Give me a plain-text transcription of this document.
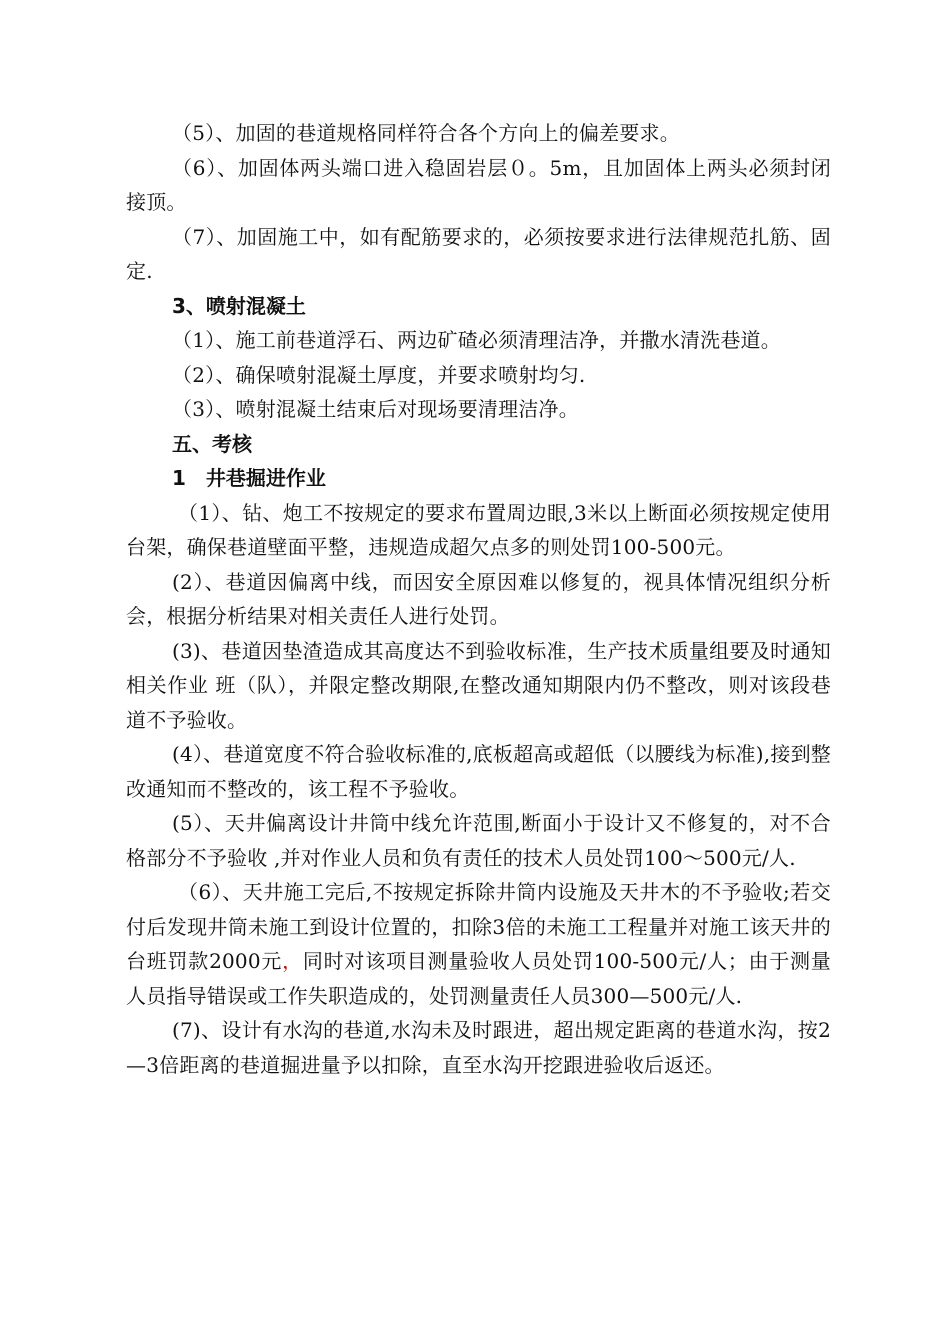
（5）、加固的巷道规格同样符合各个方向上的偏差要求。

（6）、加固体两头端口进入稳固岩层０。5m，且加固体上两头必须封闭接顶。

（7）、加固施工中，如有配筋要求的，必须按要求进行法律规范扎筋、固定.

3、喷射混凝土

（1）、施工前巷道浮石、两边矿碴必须清理洁净，并撒水清洗巷道。

（2）、确保喷射混凝土厚度，并要求喷射均匀.

（3）、喷射混凝土结束后对现场要清理洁净。

五、考核

1　井巷掘进作业

（1）、钻、炮工不按规定的要求布置周边眼,3米以上断面必须按规定使用台架，确保巷道壁面平整，违规造成超欠点多的则处罚100-500元。

(2）、巷道因偏离中线，而因安全原因难以修复的，视具体情况组织分析会，根据分析结果对相关责任人进行处罚。

(3)、巷道因垫渣造成其高度达不到验收标准，生产技术质量组要及时通知相关作业 班（队），并限定整改期限,在整改通知期限内仍不整改，则对该段巷道不予验收。

(4）、巷道宽度不符合验收标准的,底板超高或超低（以腰线为标准),接到整改通知而不整改的，该工程不予验收。

(5）、天井偏离设计井筒中线允许范围,断面小于设计又不修复的，对不合格部分不予验收 ,并对作业人员和负有责任的技术人员处罚100～500元/人.

（6）、天井施工完后,不按规定拆除井筒内设施及天井木的不予验收;若交付后发现井筒未施工到设计位置的，扣除3倍的未施工工程量并对施工该天井的台班罚款2000元，同时对该项目测量验收人员处罚100-500元/人；由于测量人员指导错误或工作失职造成的，处罚测量责任人员300—500元/人.

(7)、设计有水沟的巷道,水沟未及时跟进，超出规定距离的巷道水沟，按2—3倍距离的巷道掘进量予以扣除，直至水沟开挖跟进验收后返还。
